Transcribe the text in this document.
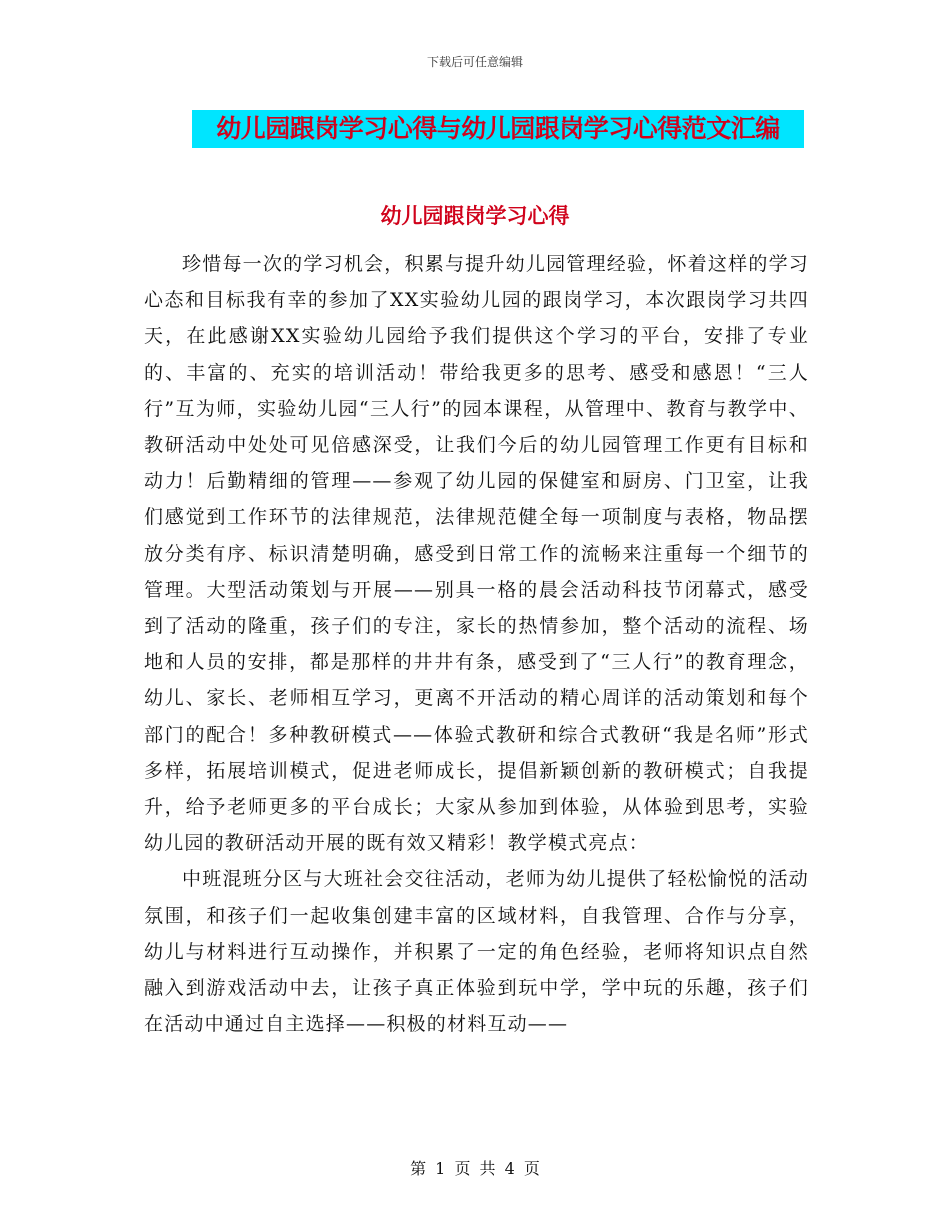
下载后可任意编辑
幼儿园跟岗学习心得与幼儿园跟岗学习心得范文汇编
幼儿园跟岗学习心得

珍惜每一次的学习机会，积累与提升幼儿园管理经验，怀着这样的学习心态和目标我有幸的参加了XX实验幼儿园的跟岗学习，本次跟岗学习共四天，在此感谢XX实验幼儿园给予我们提供这个学习的平台，安排了专业的、丰富的、充实的培训活动！带给我更多的思考、感受和感恩！“三人行”互为师，实验幼儿园“三人行”的园本课程，从管理中、教育与教学中、教研活动中处处可见倍感深受，让我们今后的幼儿园管理工作更有目标和动力！后勤精细的管理——参观了幼儿园的保健室和厨房、门卫室，让我们感觉到工作环节的法律规范，法律规范健全每一项制度与表格，物品摆放分类有序、标识清楚明确，感受到日常工作的流畅来注重每一个细节的管理。大型活动策划与开展——别具一格的晨会活动科技节闭幕式，感受到了活动的隆重，孩子们的专注，家长的热情参加，整个活动的流程、场地和人员的安排，都是那样的井井有条，感受到了“三人行”的教育理念，幼儿、家长、老师相互学习，更离不开活动的精心周详的活动策划和每个部门的配合！多种教研模式——体验式教研和综合式教研“我是名师”形式多样，拓展培训模式，促进老师成长，提倡新颖创新的教研模式；自我提升，给予老师更多的平台成长；大家从参加到体验，从体验到思考，实验幼儿园的教研活动开展的既有效又精彩！教学模式亮点：

中班混班分区与大班社会交往活动，老师为幼儿提供了轻松愉悦的活动氛围，和孩子们一起收集创建丰富的区域材料，自我管理、合作与分享，幼儿与材料进行互动操作，并积累了一定的角色经验，老师将知识点自然融入到游戏活动中去，让孩子真正体验到玩中学，学中玩的乐趣，孩子们在活动中通过自主选择——积极的材料互动——

第 1 页 共 4 页
